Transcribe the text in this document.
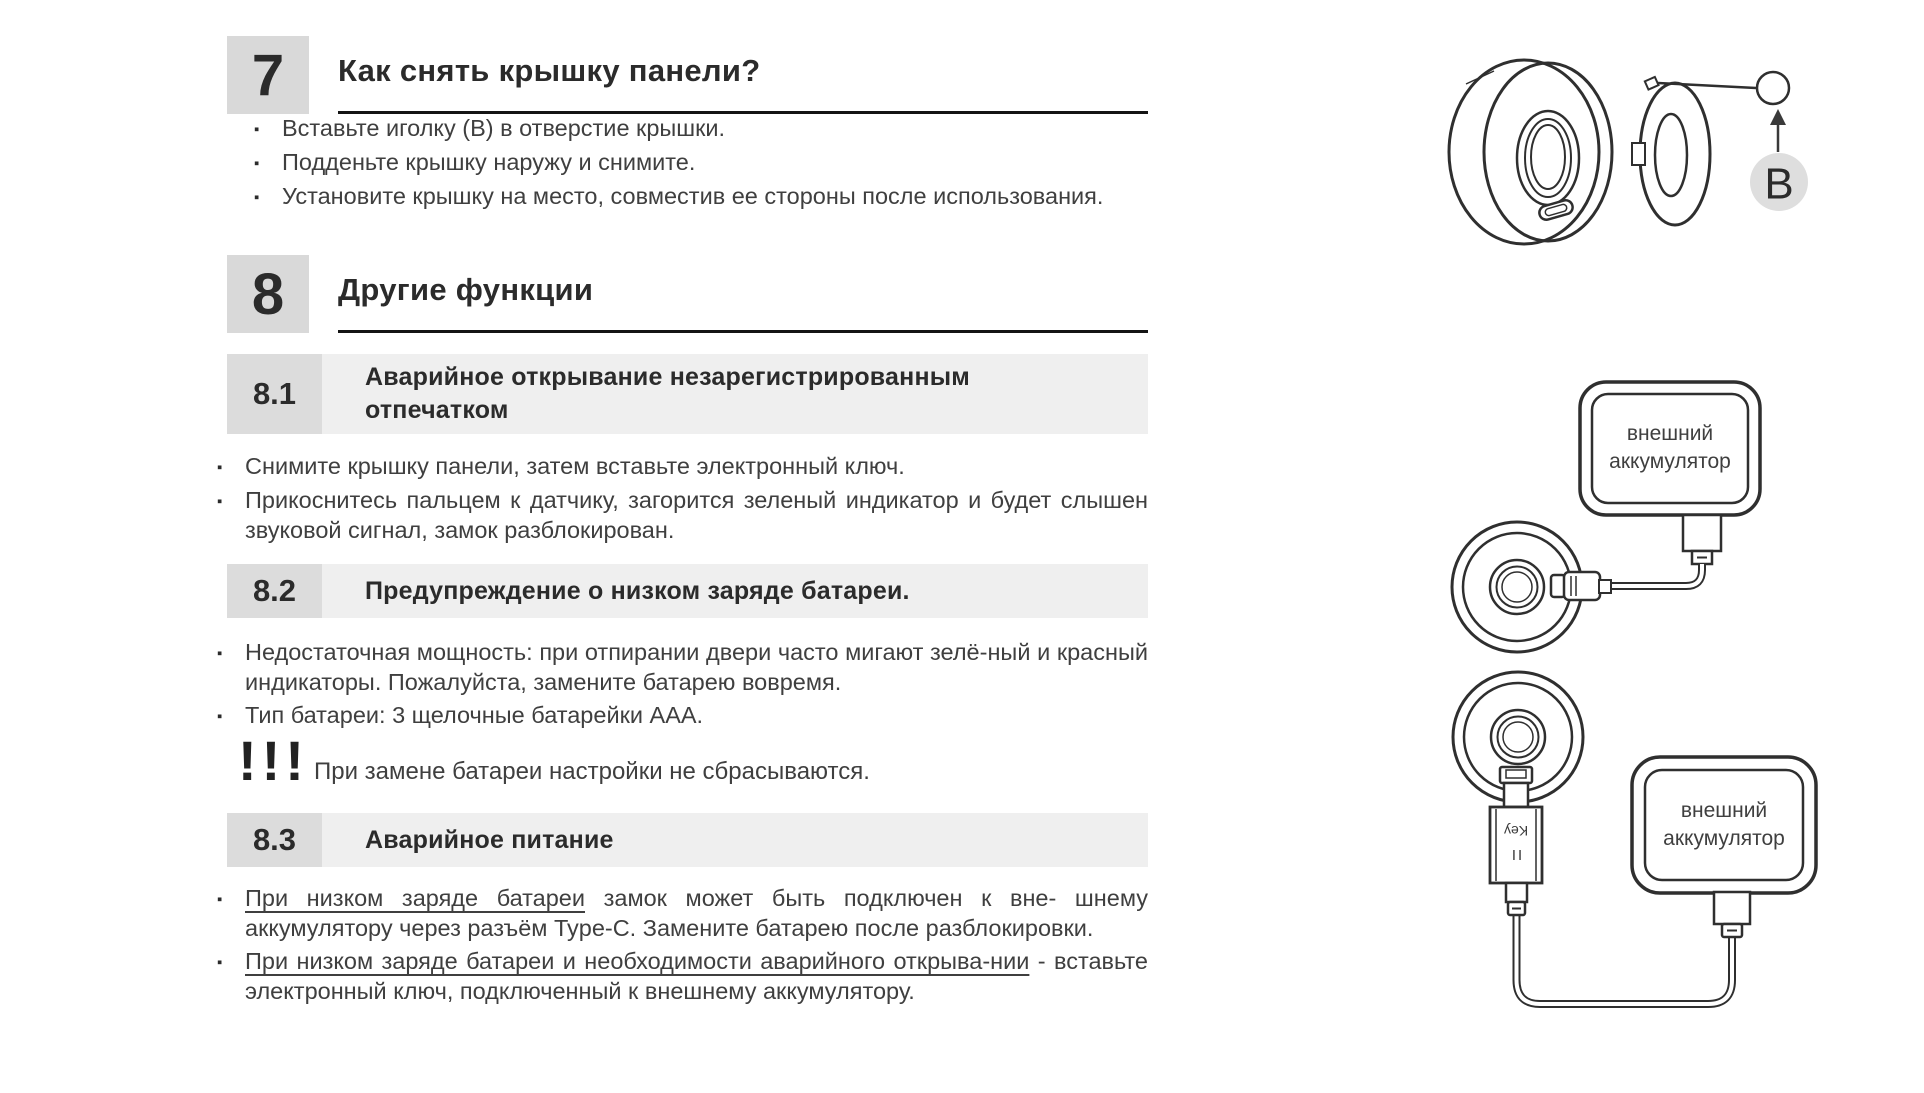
7	Как снять крышку панели?

▪ Вставьте иголку (B) в отверстие крышки.

▪ Подденьте крышку наружу и снимите.

▪ Установите крышку на место, совместив ее стороны после использования.

8	Другие функции
8.1	Аварийное открывание незарегистрированным
отпечатком

▪ Снимите крышку панели, затем вставьте электронный ключ.

▪ Прикоснитесь пальцем к датчику, загорится зеленый индикатор и будет слышен звуковой сигнал, замок разблокирован.

8.2	Предупреждение о низком заряде батареи.

▪ Недостаточная мощность: при отпирании двери часто мигают зелё-ный и красный индикаторы. Пожалуйста, замените батарею вовремя.

▪ Тип батареи: 3 щелочные батарейки AAA.

!!! При замене батареи настройки не сбрасываются.
8.3	Аварийное питание

▪ При низком заряде батареи замок может быть подключен к вне- шнему аккумулятору через разъём Type-C. Замените батарею после разблокировки.

▪ При низком заряде батареи и необходимости аварийного открыва-нии - вставьте электронный ключ, подключенный к внешнему аккумулятору.

B
внешний
аккумулятор
Key
II
внешний
аккумулятор
